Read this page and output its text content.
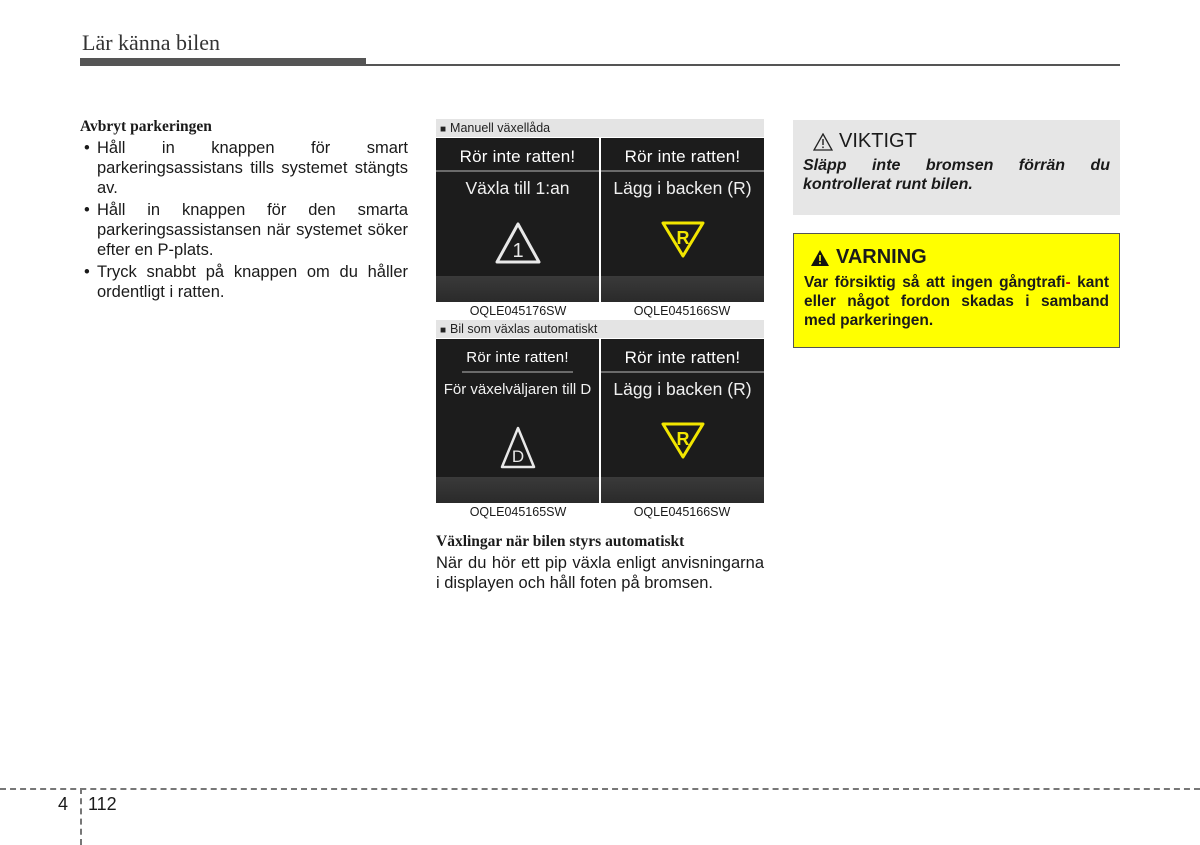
Lär känna bilen
Avbryt parkeringen
• Håll in knappen för smart parkeringsassistans tills systemet stängts av.
• Håll in knappen för den smarta parkeringsassistansen när systemet söker efter en P-plats.
• Tryck snabbt på knappen om du håller ordentligt i ratten.
■ Manuell växellåda
Rör inte ratten!
Växla till 1:an
1
Rör inte ratten!
Lägg i backen (R)
R
OQLE045176SW	OQLE045166SW
■ Bil som växlas automatiskt
Rör inte ratten!
För växelväljaren till D
D
Rör inte ratten!
Lägg i backen (R)
R
OQLE045165SW	OQLE045166SW
Växlingar när bilen styrs automatiskt
När du hör ett pip växla enligt anvisningarna i displayen och håll foten på bromsen.
VIKTIGT
Släpp inte bromsen förrän du kontrollerat runt bilen.
VARNING
Var försiktig så att ingen gångtrafi- kant eller något fordon skadas i samband med parkeringen.
4 112
